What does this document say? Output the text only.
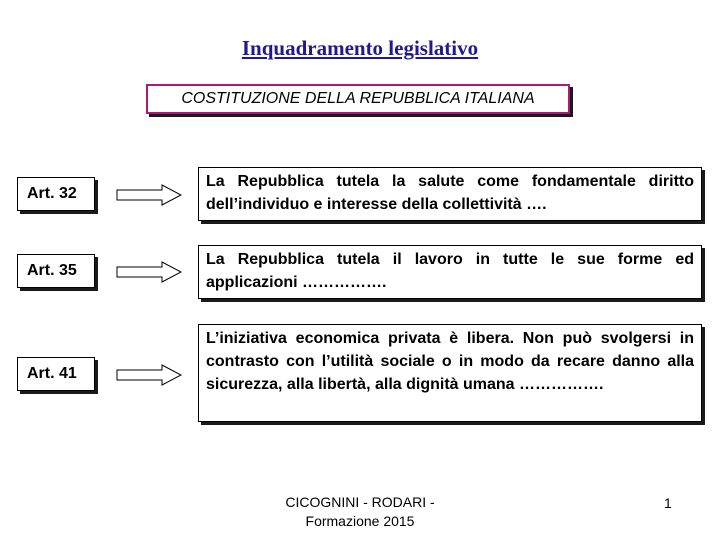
Inquadramento legislativo
COSTITUZIONE DELLA REPUBBLICA ITALIANA
Art. 32
La Repubblica tutela la salute come fondamentale diritto dell’individuo e interesse della collettività ….
Art. 35
La Repubblica tutela il lavoro in tutte le sue forme ed applicazioni …………….
Art. 41
L’iniziativa economica privata è libera. Non può svolgersi in contrasto con l’utilità sociale o in modo da recare danno alla sicurezza, alla libertà, alla dignità umana …………….
CICOGNINI - RODARI -
Formazione 2015
1
